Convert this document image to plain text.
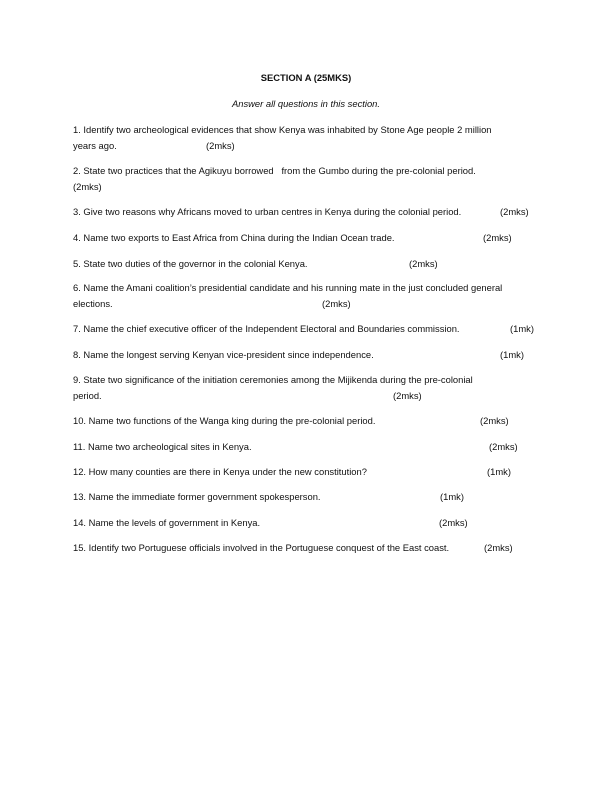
SECTION A (25MKS)
Answer all questions in this section.
1. Identify two archeological evidences that show Kenya was inhabited by Stone Age people 2 million
years ago.	(2mks)
2. State two practices that the Agikuyu borrowed   from the Gumbo during the pre-colonial period.
(2mks)
3. Give two reasons why Africans moved to urban centres in Kenya during the colonial period.	(2mks)
4. Name two exports to East Africa from China during the Indian Ocean trade.	(2mks)
5. State two duties of the governor in the colonial Kenya.	(2mks)
6. Name the Amani coalition’s presidential candidate and his running mate in the just concluded general
elections.	(2mks)
7. Name the chief executive officer of the Independent Electoral and Boundaries commission.	(1mk)
8. Name the longest serving Kenyan vice-president since independence.	(1mk)
9. State two significance of the initiation ceremonies among the Mijikenda during the pre-colonial
period.	(2mks)
10. Name two functions of the Wanga king during the pre-colonial period.	(2mks)
11. Name two archeological sites in Kenya.	(2mks)
12. How many counties are there in Kenya under the new constitution?	(1mk)
13. Name the immediate former government spokesperson.	(1mk)
14. Name the levels of government in Kenya.	(2mks)
15. Identify two Portuguese officials involved in the Portuguese conquest of the East coast.	(2mks)
